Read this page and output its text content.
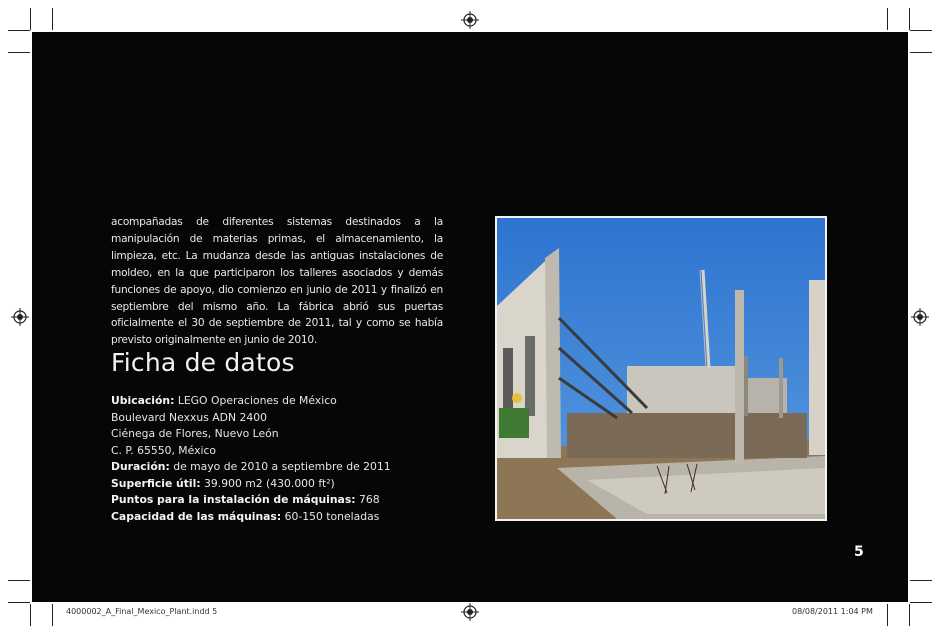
acompañadas de diferentes sistemas destinados a la manipulación de materias primas, el almacenamiento, la limpieza, etc. La mudanza desde las antiguas instalaciones de moldeo, en la que participaron los talleres asociados y demás funciones de apoyo, dio comienzo en junio de 2011 y finalizó en septiembre del mismo año. La fábrica abrió sus puertas oficialmente el 30 de septiembre de 2011, tal y como se había previsto originalmente en junio de 2010.
Ficha de datos
Ubicación: LEGO Operaciones de México
Boulevard Nexxus ADN 2400
Ciénega de Flores, Nuevo León
C. P. 65550, México
Duración: de mayo de 2010 a septiembre de 2011
Superficie útil: 39.900 m2 (430.000 ft²)
Puntos para la instalación de máquinas: 768
Capacidad de las máquinas: 60-150 toneladas
5
4000002_A_Final_Mexico_Plant.indd 5	08/08/2011 1:04 PM
